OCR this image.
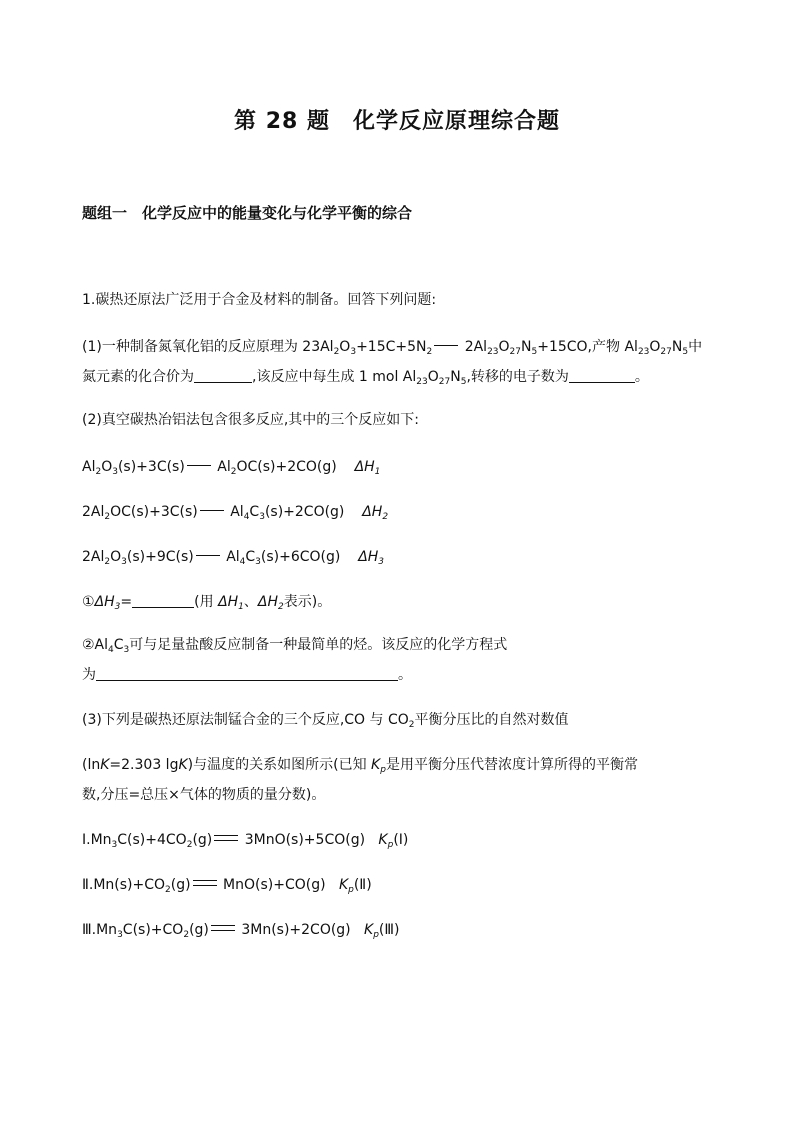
第 28 题　化学反应原理综合题
题组一　化学反应中的能量变化与化学平衡的综合
1.碳热还原法广泛用于合金及材料的制备。回答下列问题:
(1)一种制备氮氧化铝的反应原理为 $23Al_2O_3+15C+5N_2$ $2Al_{23}O_{27}N_5+15CO$,产物 $Al_{23}O_{27}N_5$中
氮元素的化合价为	,该反应中每生成 1 mol $Al_{23}O_{27}N_5$,转移的电子数为	。
(2)真空碳热冶铝法包含很多反应,其中的三个反应如下:
$Al_2O_3(s)+3C(s)$ $Al_2OC(s)+2CO(g)$ $\Delta H_1$
$2Al_2OC(s)+3C(s)$ $Al_4C_3(s)+2CO(g)$ $\Delta H_2$
$2Al_2O_3(s)+9C(s)$ $Al_4C_3(s)+6CO(g)$ $\Delta H_3$
$①\Delta H_3=$	(用 $\Delta H_1$、$\Delta H_2$表示)。
$②Al_4C_3$可与足量盐酸反应制备一种最简单的烃。该反应的化学方程式
为	。
(3)下列是碳热还原法制锰合金的三个反应,CO 与 $CO_2$平衡分压比的自然对数值
(lnK=2.303 lgK)与温度的关系如图所示(已知 $K_p$是用平衡分压代替浓度计算所得的平衡常
数,分压=总压×气体的物质的量分数)。
$Ⅰ.Mn_3C(s)+4CO_2(g)$ 3MnO(s)+5CO(g) $K_p(Ⅰ)$
$Ⅱ.Mn(s)+CO_2(g)$ MnO(s)+CO(g) $K_p(Ⅱ)$
$Ⅲ.Mn_3C(s)+CO_2(g)$ 3Mn(s)+2CO(g) $K_p(Ⅲ)$
